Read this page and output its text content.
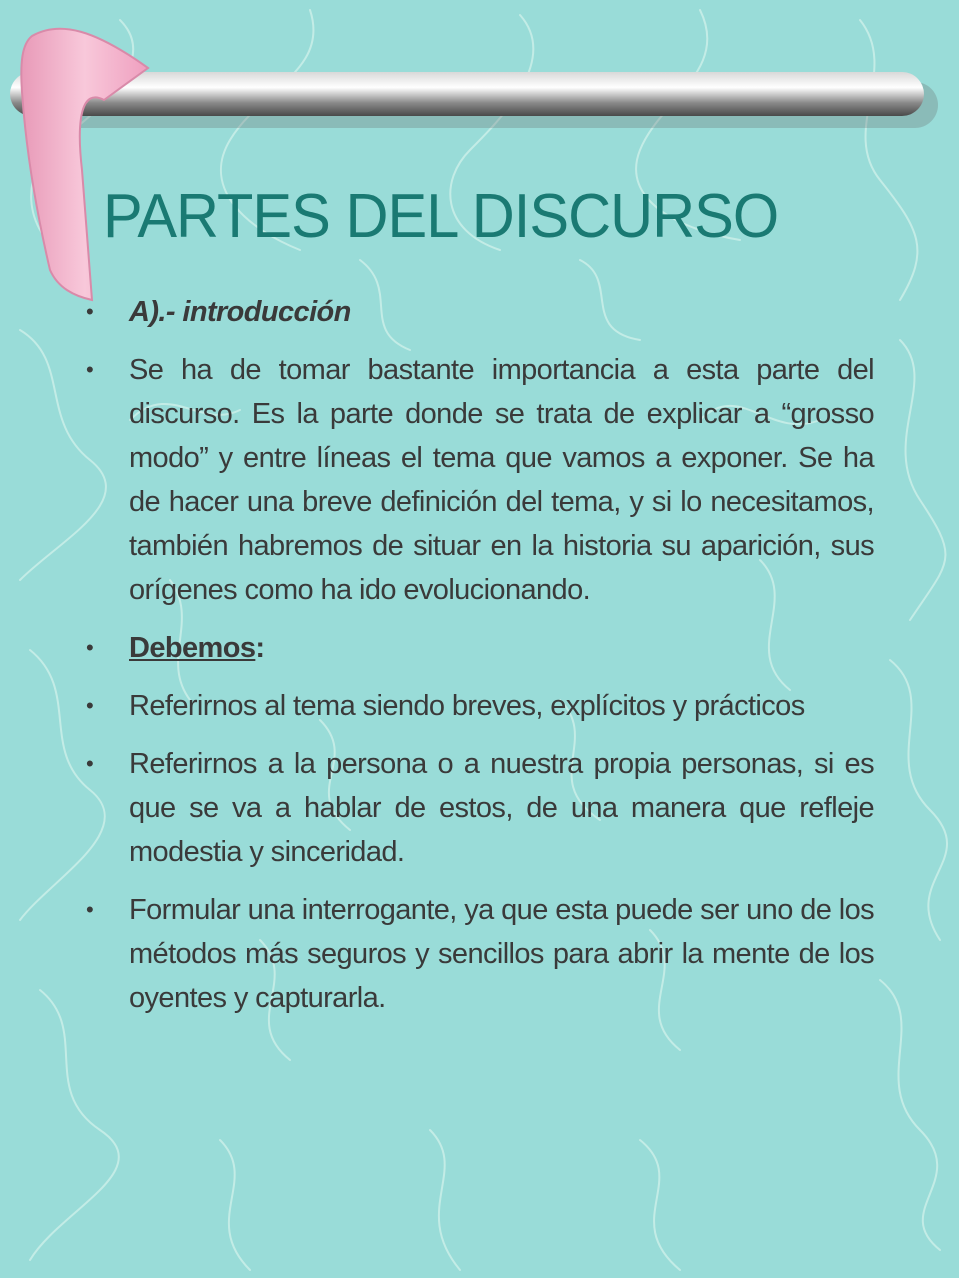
PARTES DEL DISCURSO
• A).- introducción
• Se ha de tomar bastante importancia a esta parte del discurso. Es la parte donde se trata de explicar a “grosso modo” y entre líneas el tema que vamos a exponer. Se ha de hacer una breve definición del tema, y si lo necesitamos, también habremos de situar en la historia su aparición, sus orígenes como ha ido evolucionando.
• Debemos:
• Referirnos al tema siendo breves, explícitos y prácticos
• Referirnos a la persona o a nuestra propia personas, si es que se va a hablar de estos, de una manera que refleje modestia y sinceridad.
• Formular una interrogante, ya que esta puede ser uno de los métodos más seguros y sencillos para abrir la mente de los oyentes y capturarla.
